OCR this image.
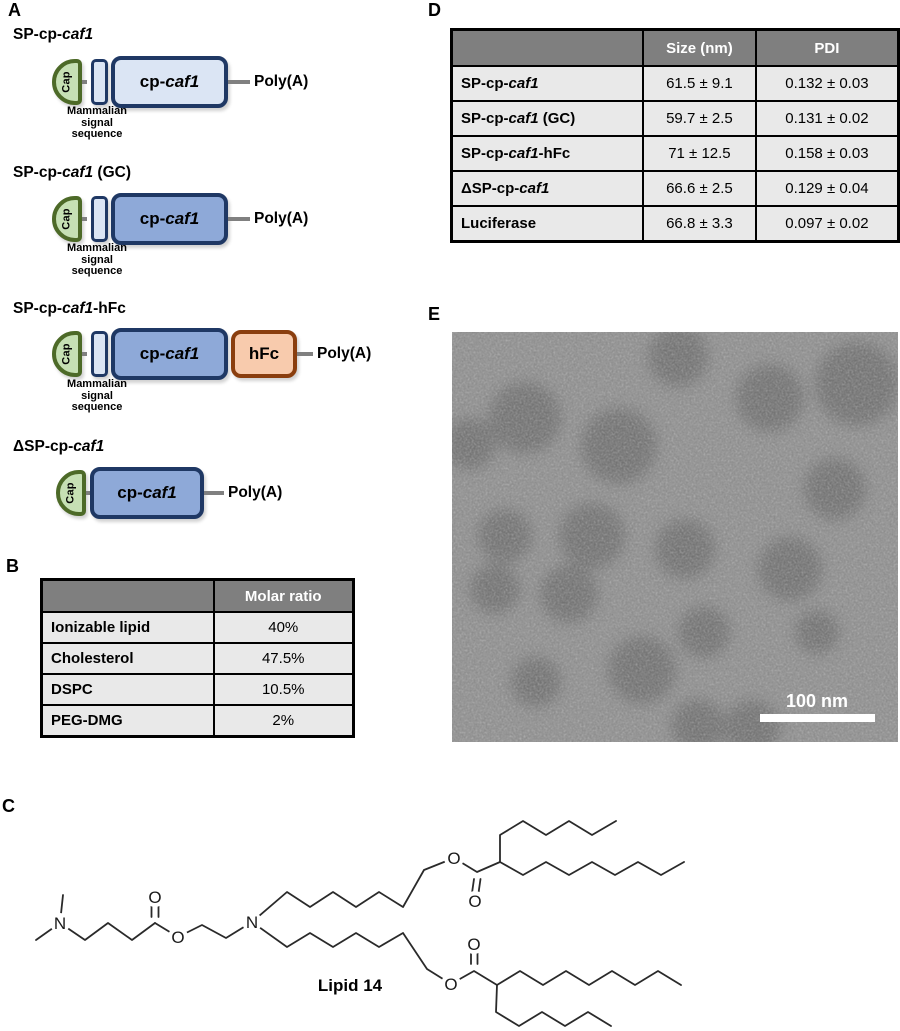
A
SP-cp-caf1
Cap	cp- caf1	Poly(A)
Mammalian
signal
sequence
SP-cp-caf1 (GC)
Cap	cp- caf1	Poly(A)
Mammalian
signal
sequence
SP-cp-caf1-hFc
Cap	cp- caf1	hFc	Poly(A)
Mammalian
signal
sequence
ΔSP-cp-caf1
Cap cp- caf1	Poly(A)
B
	Molar ratio
Ionizable lipid	40%
Cholesterol	47.5%
DSPC	10.5%
PEG-DMG	2%
D
	Size (nm)	PDI
SP-cp-caf1	61.5 ± 9.1	0.132 ± 0.03
SP-cp-caf1 (GC)	59.7 ± 2.5	0.131 ± 0.02
SP-cp-caf1-hFc	71 ± 12.5	0.158 ± 0.03
ΔSP-cp-caf1	66.6 ± 2.5	0.129 ± 0.04
Luciferase	66.8 ± 3.3	0.097 ± 0.02
E
100 nm
C
N
O
O
N
O
O
O
O
Lipid 14
